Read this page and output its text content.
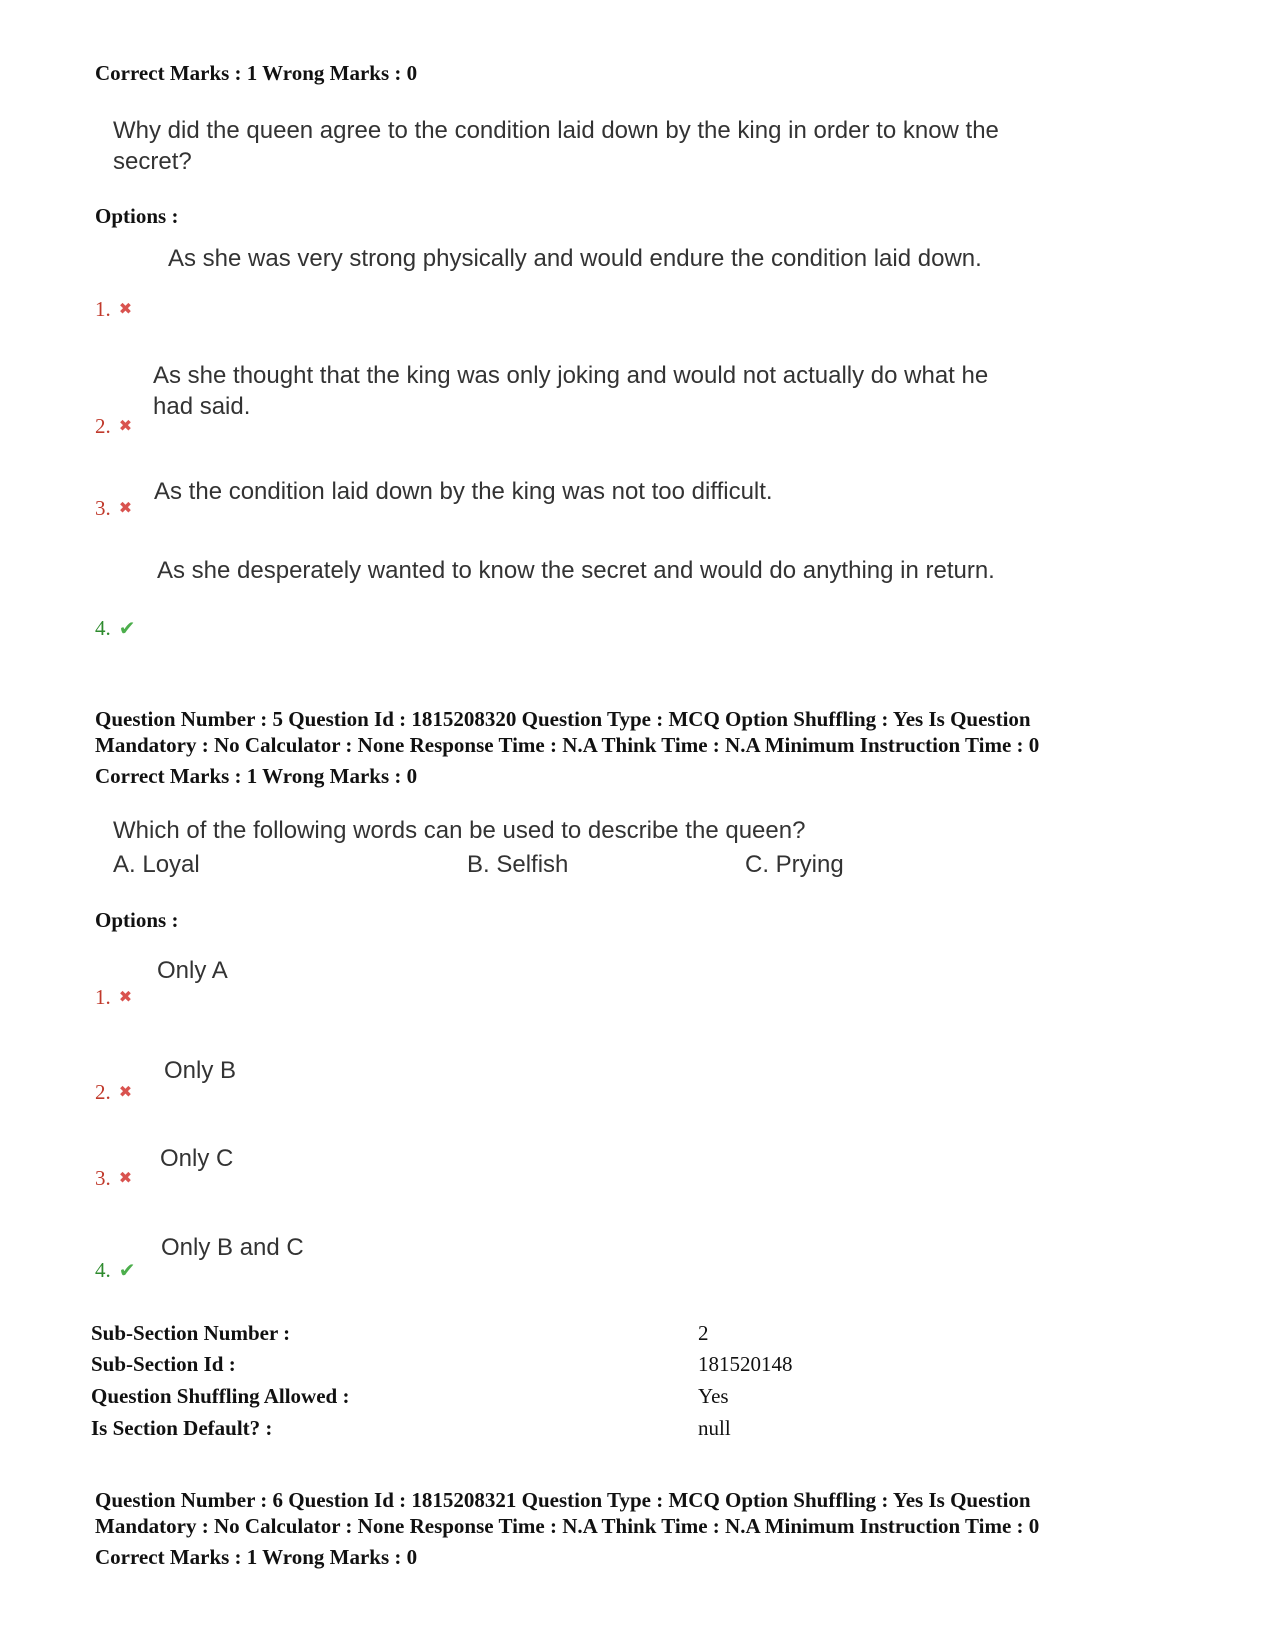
Correct Marks : 1 Wrong Marks : 0
Why did the queen agree to the condition laid down by the king in order to know the secret?
Options :
As she was very strong physically and would endure the condition laid down.
1. ✖
As she thought that the king was only joking and would not actually do what he had said.
2. ✖
As the condition laid down by the king was not too difficult.
3. ✖
As she desperately wanted to know the secret and would do anything in return.
4. ✔
Question Number : 5 Question Id : 1815208320 Question Type : MCQ Option Shuffling : Yes Is Question
Mandatory : No Calculator : None Response Time : N.A Think Time : N.A Minimum Instruction Time : 0
Correct Marks : 1 Wrong Marks : 0
Which of the following words can be used to describe the queen?
A. Loyal	B. Selfish	C. Prying
Options :
Only A
1. ✖
Only B
2. ✖
Only C
3. ✖
Only B and C
4. ✔
Sub-Section Number :	2
Sub-Section Id :	181520148
Question Shuffling Allowed :	Yes
Is Section Default? :	null
Question Number : 6 Question Id : 1815208321 Question Type : MCQ Option Shuffling : Yes Is Question
Mandatory : No Calculator : None Response Time : N.A Think Time : N.A Minimum Instruction Time : 0
Correct Marks : 1 Wrong Marks : 0
